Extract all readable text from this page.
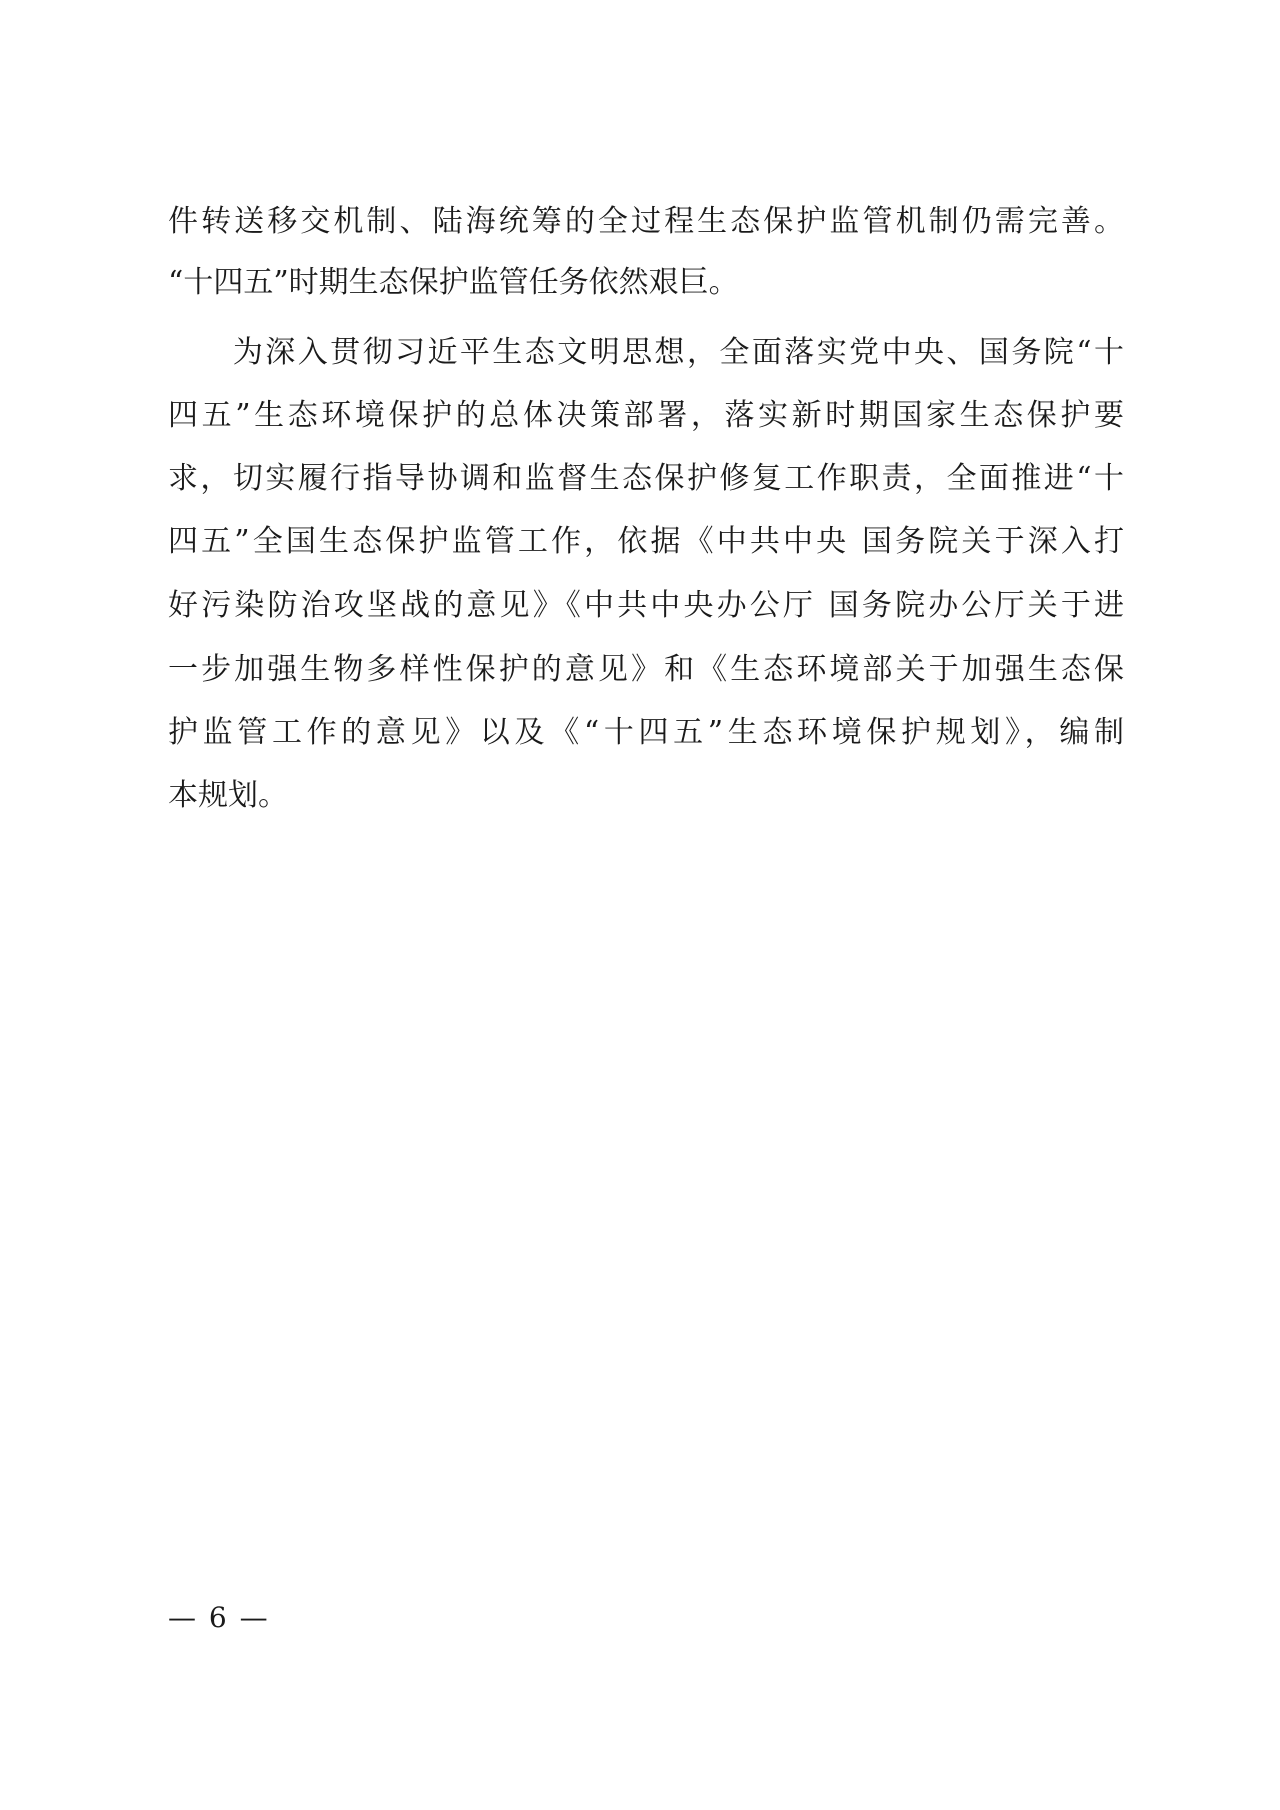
件转送移交机制、陆海统筹的全过程生态保护监管机制仍需完善。
“十四五”时期生态保护监管任务依然艰巨。
　　为深入贯彻习近平生态文明思想，全面落实党中央、国务院“十
四五”生态环境保护的总体决策部署，落实新时期国家生态保护要
求，切实履行指导协调和监督生态保护修复工作职责，全面推进“十
四五”全国生态保护监管工作，依据《中共中央 国务院关于深入打
好污染防治攻坚战的意见》《中共中央办公厅 国务院办公厅关于进
一步加强生物多样性保护的意见》和《生态环境部关于加强生态保
护监管工作的意见》以及《“十四五”生态环境保护规划》，编制
本规划。
— 6 —
